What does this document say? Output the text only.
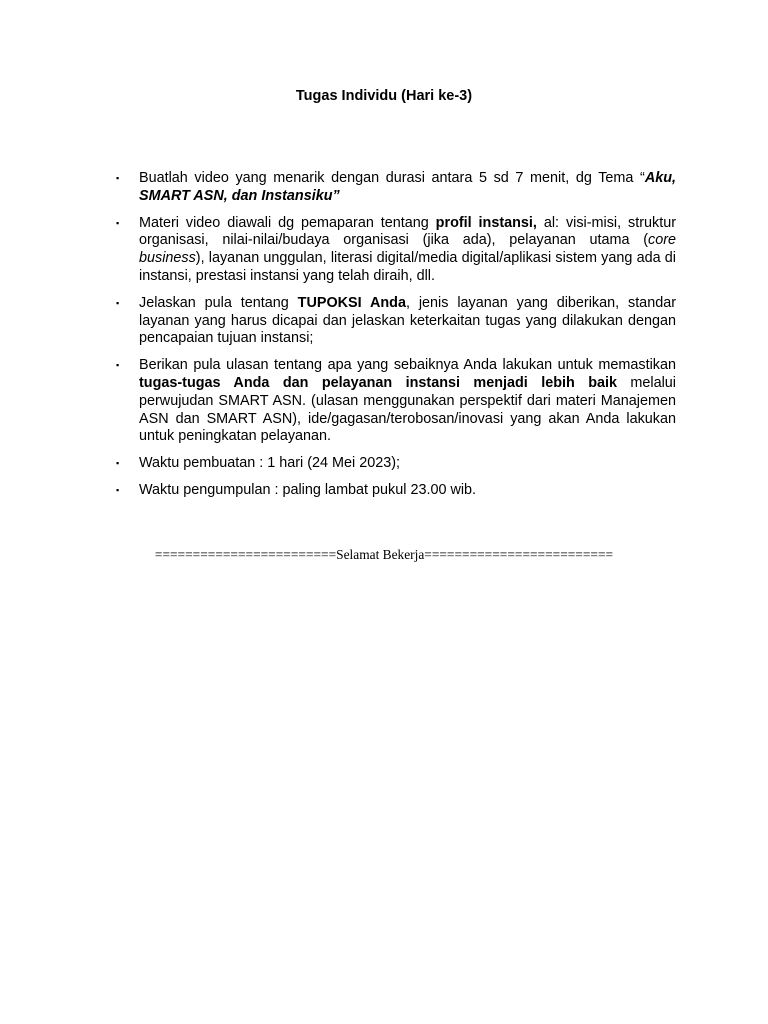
Tugas Individu (Hari ke-3)
▪ Buatlah video yang menarik dengan durasi antara 5 sd 7 menit, dg Tema “Aku, SMART ASN, dan Instansiku”
▪ Materi video diawali dg pemaparan tentang profil instansi, al: visi-misi, struktur organisasi, nilai-nilai/budaya organisasi (jika ada), pelayanan utama (core business), layanan unggulan, literasi digital/media digital/aplikasi sistem yang ada di instansi, prestasi instansi yang telah diraih, dll.
▪ Jelaskan pula tentang TUPOKSI Anda, jenis layanan yang diberikan, standar layanan yang harus dicapai dan jelaskan keterkaitan tugas yang dilakukan dengan pencapaian tujuan instansi;
▪ Berikan pula ulasan tentang apa yang sebaiknya Anda lakukan untuk memastikan tugas-tugas Anda dan pelayanan instansi menjadi lebih baik melalui perwujudan SMART ASN. (ulasan menggunakan perspektif dari materi Manajemen ASN dan SMART ASN), ide/gagasan/terobosan/inovasi yang akan Anda lakukan untuk peningkatan pelayanan.
▪ Waktu pembuatan : 1 hari (24 Mei 2023);
▪ Waktu pengumpulan : paling lambat pukul 23.00 wib.
========================Selamat Bekerja=========================
